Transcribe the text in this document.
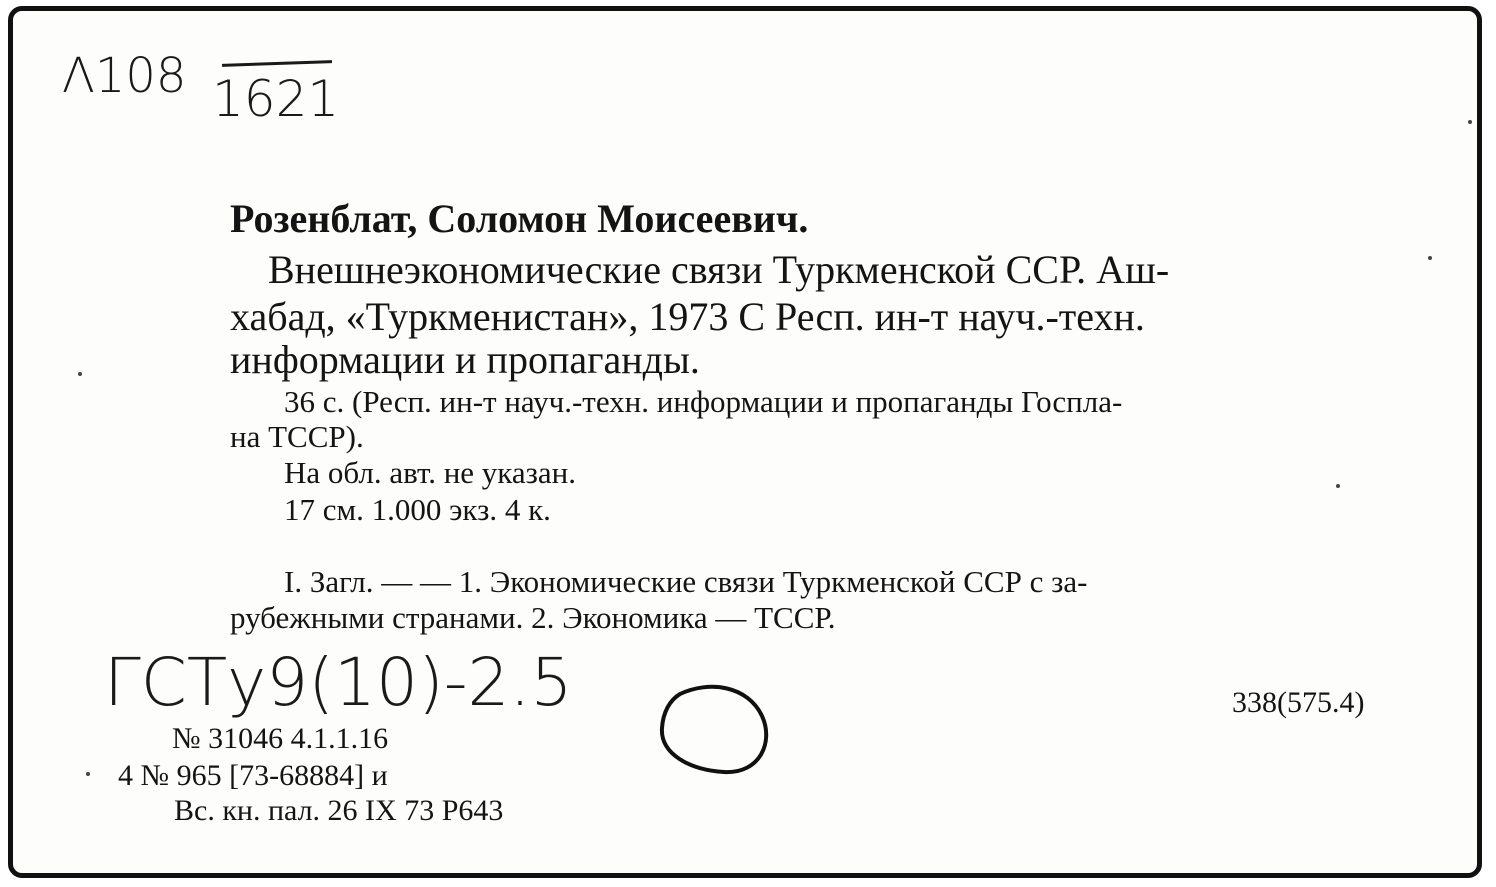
Λ108 1621
Розенблат, Соломон Моисеевич.
Внешнеэкономические связи Туркменской ССР. Аш-
хабад, «Туркменистан», 1973 С Респ. ин-т науч.-техн.
информации и пропаганды.
36 с. (Респ. ин-т науч.-техн. информации и пропаганды Госпла-
на ТССР).
На обл. авт. не указан.
17 см. 1.000 экз. 4 к.
I. Загл. — — 1. Экономические связи Туркменской ССР с за-
рубежными странами. 2. Экономика — ТССР.
ГСТу9(10)-2.5	338(575.4)
№ 31046 4.1.1.16
4 № 965 [73-68884] и
Вс. кн. пал. 26 IX 73 Р643
